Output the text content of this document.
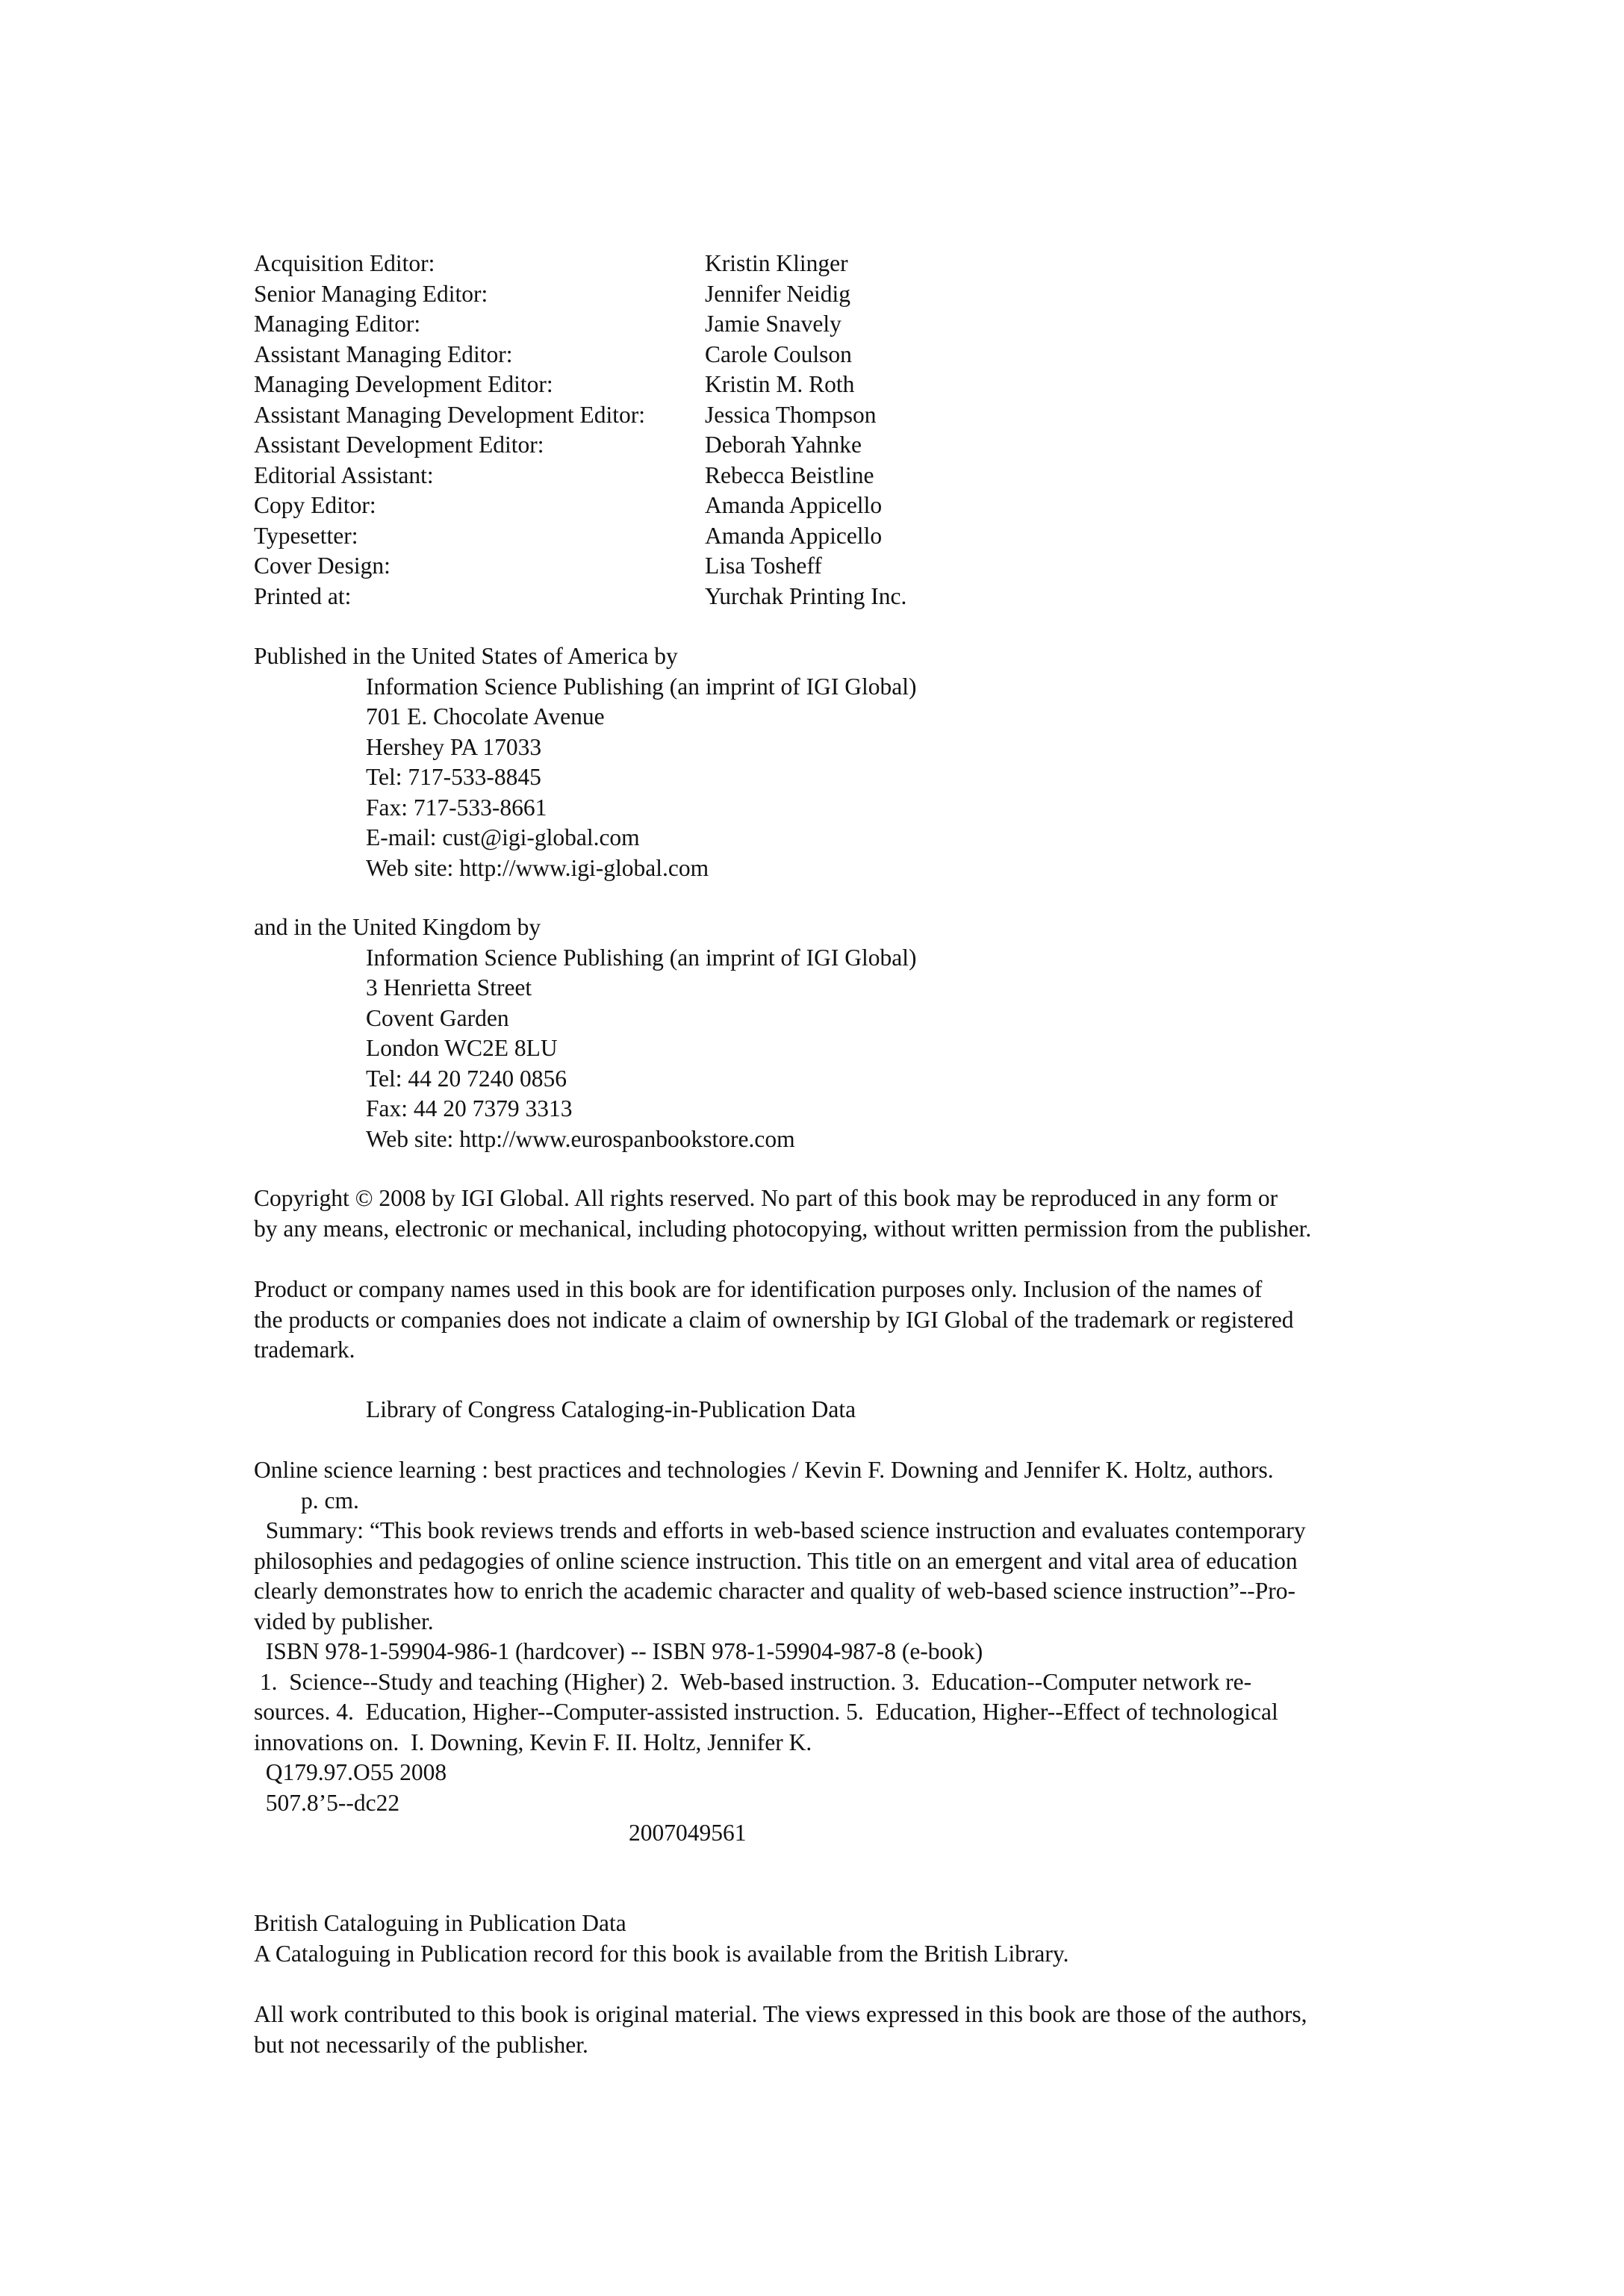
Acquisition Editor:	Kristin Klinger
Senior Managing Editor:	Jennifer Neidig
Managing Editor:	Jamie Snavely
Assistant Managing Editor:	Carole Coulson
Managing Development Editor:	Kristin M. Roth
Assistant Managing Development Editor:	Jessica Thompson
Assistant Development Editor:	Deborah Yahnke
Editorial Assistant:	Rebecca Beistline
Copy Editor:	Amanda Appicello
Typesetter:	Amanda Appicello
Cover Design:	Lisa Tosheff
Printed at:	Yurchak Printing Inc.
Published in the United States of America by
Information Science Publishing (an imprint of IGI Global)
701 E. Chocolate Avenue
Hershey PA 17033
Tel: 717-533-8845
Fax: 717-533-8661
E-mail: cust@igi-global.com
Web site: http://www.igi-global.com
and in the United Kingdom by
Information Science Publishing (an imprint of IGI Global)
3 Henrietta Street
Covent Garden
London WC2E 8LU
Tel: 44 20 7240 0856
Fax: 44 20 7379 3313
Web site: http://www.eurospanbookstore.com
Copyright © 2008 by IGI Global. All rights reserved. No part of this book may be reproduced in any form or
by any means, electronic or mechanical, including photocopying, without written permission from the publisher.
Product or company names used in this book are for identification purposes only. Inclusion of the names of
the products or companies does not indicate a claim of ownership by IGI Global of the trademark or registered
trademark.
Library of Congress Cataloging-in-Publication Data
Online science learning : best practices and technologies / Kevin F. Downing and Jennifer K. Holtz, authors.
p. cm.
Summary: “This book reviews trends and efforts in web-based science instruction and evaluates contemporary
philosophies and pedagogies of online science instruction. This title on an emergent and vital area of education
clearly demonstrates how to enrich the academic character and quality of web-based science instruction”--Pro-
vided by publisher.
ISBN 978-1-59904-986-1 (hardcover) -- ISBN 978-1-59904-987-8 (e-book)
1.  Science--Study and teaching (Higher) 2.  Web-based instruction. 3.  Education--Computer network re-
sources. 4.  Education, Higher--Computer-assisted instruction. 5.  Education, Higher--Effect of technological
innovations on.  I. Downing, Kevin F. II. Holtz, Jennifer K.
Q179.97.O55 2008
507.8’5--dc22
2007049561
British Cataloguing in Publication Data
A Cataloguing in Publication record for this book is available from the British Library.
All work contributed to this book is original material. The views expressed in this book are those of the authors,
but not necessarily of the publisher.
